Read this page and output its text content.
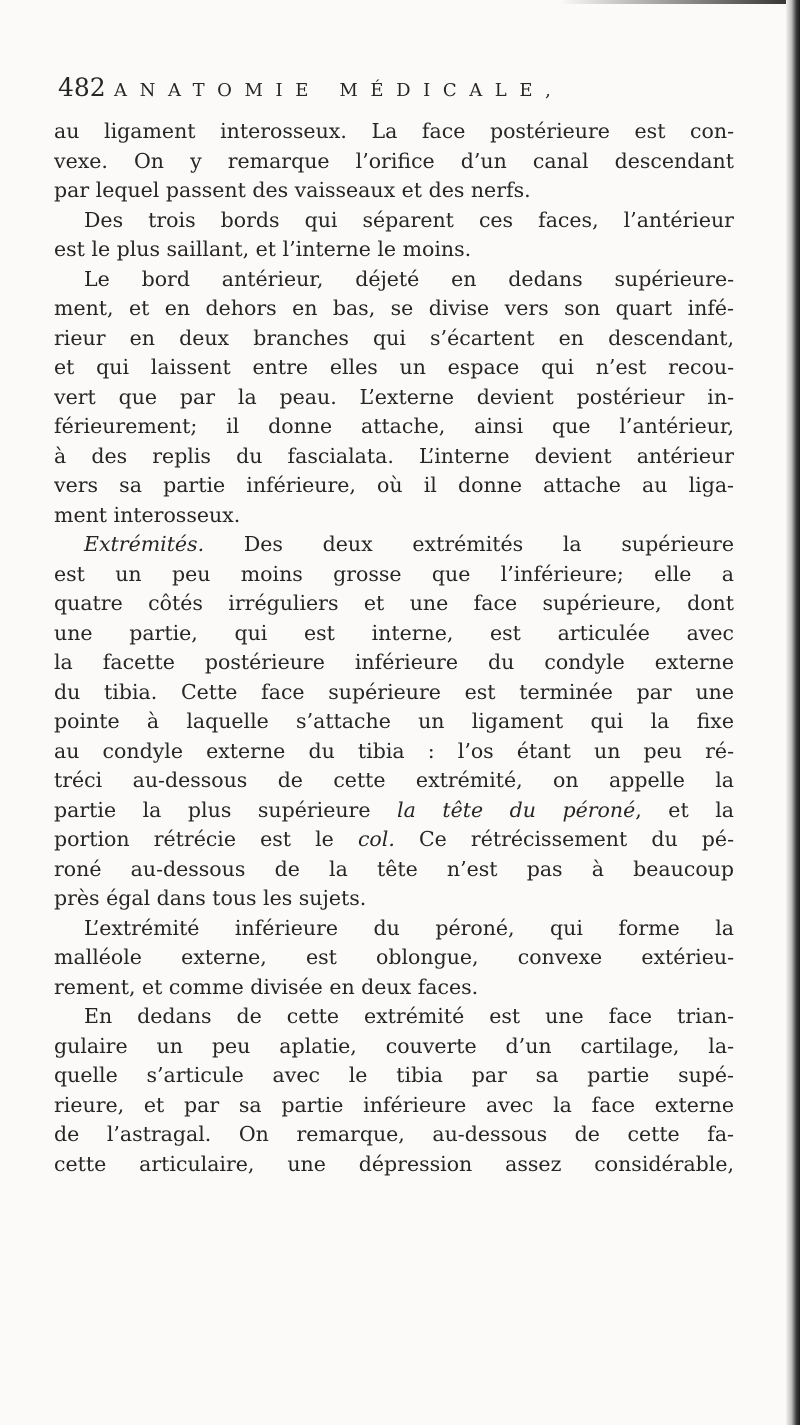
482 ANATOMIE MÉDICALE,
au ligament interosseux. La face postérieure est con-
vexe. On y remarque l’orifice d’un canal descendant
par lequel passent des vaisseaux et des nerfs.
Des trois bords qui séparent ces faces, l’antérieur
est le plus saillant, et l’interne le moins.
Le bord antérieur, déjeté en dedans supérieure-
ment, et en dehors en bas, se divise vers son quart infé-
rieur en deux branches qui s’écartent en descendant,
et qui laissent entre elles un espace qui n’est recou-
vert que par la peau. L’externe devient postérieur in-
férieurement; il donne attache, ainsi que l’antérieur,
à des replis du fascialata. L’interne devient antérieur
vers sa partie inférieure, où il donne attache au liga-
ment interosseux.
Extrémités. Des deux extrémités la supérieure
est un peu moins grosse que l’inférieure; elle a
quatre côtés irréguliers et une face supérieure, dont
une partie, qui est interne, est articulée avec
la facette postérieure inférieure du condyle externe
du tibia. Cette face supérieure est terminée par une
pointe à laquelle s’attache un ligament qui la fixe
au condyle externe du tibia : l’os étant un peu ré-
tréci au-dessous de cette extrémité, on appelle la
partie la plus supérieure la tête du péroné, et la
portion rétrécie est le col. Ce rétrécissement du pé-
roné au-dessous de la tête n’est pas à beaucoup
près égal dans tous les sujets.
L’extrémité inférieure du péroné, qui forme la
malléole externe, est oblongue, convexe extérieu-
rement, et comme divisée en deux faces.
En dedans de cette extrémité est une face trian-
gulaire un peu aplatie, couverte d’un cartilage, la-
quelle s’articule avec le tibia par sa partie supé-
rieure, et par sa partie inférieure avec la face externe
de l’astragal. On remarque, au-dessous de cette fa-
cette articulaire, une dépression assez considérable,
